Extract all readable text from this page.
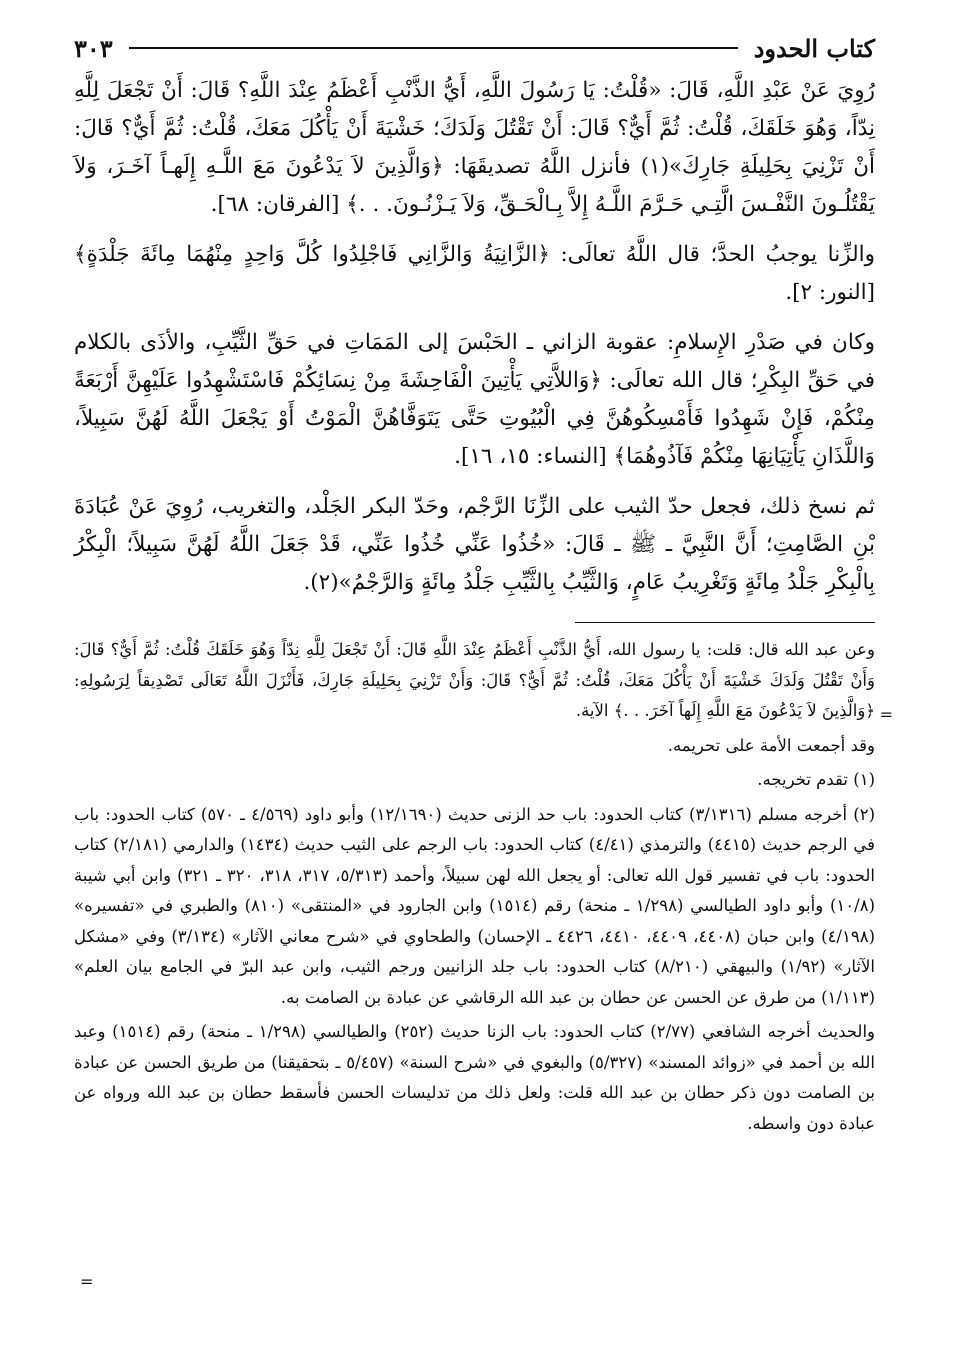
كتاب الحدود
٣٠٣

رُوِيَ عَنْ عَبْدِ اللَّهِ، قَالَ: «قُلْتُ: يَا رَسُولَ اللَّهِ، أَيُّ الذَّنْبِ أَعْظَمُ عِنْدَ اللَّهِ؟ قَالَ: أَنْ تَجْعَلَ لِلَّهِ نِدّاً، وَهُوَ خَلَقَكَ، قُلْتُ: ثُمَّ أَيٌّ؟ قَالَ: أَنْ تَقْتُلَ وَلَدَكَ؛ خَشْيَةَ أَنْ يَأْكُلَ مَعَكَ، قُلْتُ: ثُمَّ أَيٌّ؟ قَالَ: أَنْ تَزْنِيَ بِحَلِيلَةِ جَارِكَ»(١) فأنزل اللَّهُ تصديقَهَا: ﴿وَالَّذِينَ لاَ يَدْعُونَ مَعَ اللَّـهِ إِلَهـاً آخَـرَ، وَلاَ يَقْتُلُـونَ النَّفْـسَ الَّتِـي حَـرَّمَ اللَّـهُ إِلاَّ بِـالْحَـقِّ، وَلاَ يَـزْنُـونَ. . .﴾ [الفرقان: ٦٨].

والزِّنا يوجبُ الحدَّ؛ قال اللَّهُ تعالَى: ﴿الزَّانِيَةُ وَالزَّانِي فَاجْلِدُوا كُلَّ وَاحِدٍ مِنْهُمَا مِائَةَ جَلْدَةٍ﴾ [النور: ٢].

وكان في صَدْرِ الإِسلامِ: عقوبة الزاني ـ الحَبْسَ إلى المَمَاتِ في حَقِّ الثَّيِّبِ، والأذَى بالكلام في حَقِّ البِكْرِ؛ قال الله تعالَى: ﴿وَاللاَّتِي يَأْتِينَ الْفَاحِشَةَ مِنْ نِسَائِكُمْ فَاسْتَشْهِدُوا عَلَيْهِنَّ أَرْبَعَةً مِنْكُمْ، فَإِنْ شَهِدُوا فَأَمْسِكُوهُنَّ فِي الْبُيُوتِ حَتَّى يَتَوَفَّاهُنَّ الْمَوْتُ أَوْ يَجْعَلَ اللَّهُ لَهُنَّ سَبِيلاً، وَاللَّذَانِ يَأْتِيَانِهَا مِنْكُمْ فَآذُوهُمَا﴾ [النساء: ١٥، ١٦].

ثم نسخ ذلك، فجعل حدّ الثيب على الزِّنَا الرَّجْم، وحَدّ البكر الجَلْد، والتغريب، رُوِيَ عَنْ عُبَادَةَ بْنِ الصَّامِتِ؛ أَنَّ النَّبِيَّ ـ ﷺ ـ قَالَ: «خُذُوا عَنِّي خُذُوا عَنِّي، قَدْ جَعَلَ اللَّهُ لَهُنَّ سَبِيلاً؛ الْبِكْرُ بِالْبِكْرِ جَلْدُ مِائَةٍ وَتَغْرِيبُ عَامٍ، وَالثَّيِّبُ بِالثَّيِّبِ جَلْدُ مِائَةٍ وَالرَّجْمُ»(٢).

وعن عبد الله قال: قلت: يا رسول الله، أَيُّ الذَّنْبِ أَعْظَمُ عِنْدَ اللَّهِ قَالَ: أَنْ تَجْعَلَ لِلَّهِ نِدّاً وَهُوَ خَلَقَكَ قُلْتُ: ثُمَّ أَيٌّ؟ قَالَ: وَأَنْ تَقْتُلَ وَلَدَكَ خَشْيَةَ أَنْ يَأْكُلَ مَعَكَ، قُلْتُ: ثُمَّ أَيٌّ؟ قَالَ: وَأَنْ تَزْنِيَ بِحَلِيلَةِ جَارِكَ، فَأَنْزَلَ اللَّهُ تَعَالَى تَصْدِيقاً لِرَسُولِهِ: ﴿وَالَّذِينَ لاَ يَدْعُونَ مَعَ اللَّهِ إِلَهاً آخَرَ. . .﴾ الآية.

وقد أجمعت الأمة على تحريمه.

(١) تقدم تخريجه.

(٢) أخرجه مسلم (٣/١٣١٦) كتاب الحدود: باب حد الزنى حديث (١٢/١٦٩٠) وأبو داود (٤/٥٦٩ ـ ٥٧٠) كتاب الحدود: باب في الرجم حديث (٤٤١٥) والترمذي (٤/٤١) كتاب الحدود: باب الرجم على الثيب حديث (١٤٣٤) والدارمي (٢/١٨١) كتاب الحدود: باب في تفسير قول الله تعالى: أو يجعل الله لهن سبيلاً، وأحمد (٥/٣١٣، ٣١٧، ٣١٨، ٣٢٠ ـ ٣٢١) وابن أبي شيبة (١٠/٨) وأبو داود الطيالسي (١/٢٩٨ ـ منحة) رقم (١٥١٤) وابن الجارود في «المنتقى» (٨١٠) والطبري في «تفسيره» (٤/١٩٨) وابن حبان (٤٤٠٨، ٤٤٠٩، ٤٤١٠، ٤٤٢٦ ـ الإحسان) والطحاوي في «شرح معاني الآثار» (٣/١٣٤) وفي «مشكل الآثار» (١/٩٢) والبيهقي (٨/٢١٠) كتاب الحدود: باب جلد الزانيين ورجم الثيب، وابن عبد البرّ في الجامع بيان العلم» (١/١١٣) من طرق عن الحسن عن حطان بن عبد الله الرقاشي عن عبادة بن الصامت به.

والحديث أخرجه الشافعي (٢/٧٧) كتاب الحدود: باب الزنا حديث (٢٥٢) والطيالسي (١/٢٩٨ ـ منحة) رقم (١٥١٤) وعبد الله بن أحمد في «زوائد المسند» (٥/٣٢٧) والبغوي في «شرح السنة» (٥/٤٥٧ ـ بتحقيقنا) من طريق الحسن عن عبادة بن الصامت دون ذكر حطان بن عبد الله قلت: ولعل ذلك من تدليسات الحسن فأسقط حطان بن عبد الله ورواه عن عبادة دون واسطه.

=
=
